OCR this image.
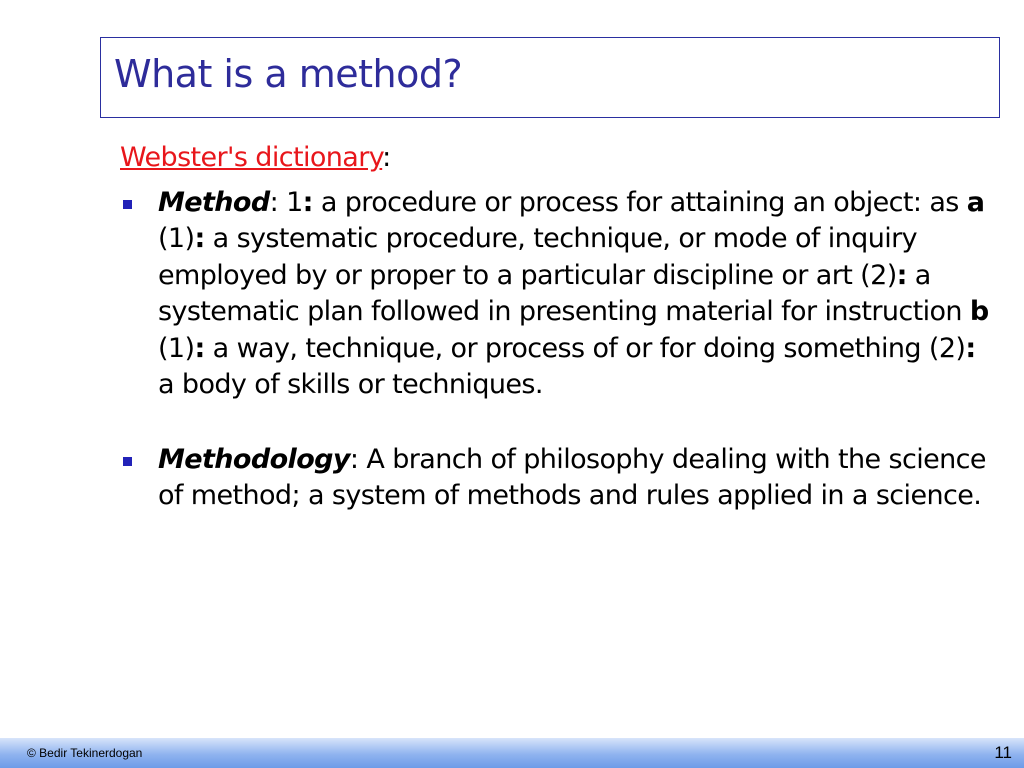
What is a method?

Webster's dictionary:

Method: 1: a procedure or process for attaining an object: as a (1): a systematic procedure, technique, or mode of inquiry employed by or proper to a particular discipline or art (2): a systematic plan followed in presenting material for instruction b (1): a way, technique, or process of or for doing something (2): a body of skills or techniques.
Methodology: A branch of philosophy dealing with the science of method; a system of methods and rules applied in a science.
© Bedir Tekinerdogan	11
